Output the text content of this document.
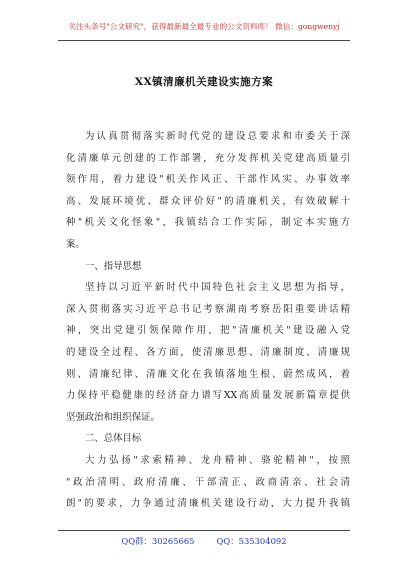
关注头条号"公文研究"，获得最新最全最专业的公文资料库！ 微信：gongwenyj
XX镇清廉机关建设实施方案
为认真贯彻落实新时代党的建设总要求和市委关于深
化清廉单元创建的工作部署，充分发挥机关党建高质量引
领作用，着力建设"机关作风正、干部作风实、办事效率
高、发展环境优、群众评价好"的清廉机关，有效破解十
种"机关文化怪象"，我镇结合工作实际，制定本实施方
案。
一、指导思想
坚持以习近平新时代中国特色社会主义思想为指导，
深入贯彻落实习近平总书记考察湖南考察岳阳重要讲话精
神，突出党建引领保障作用，把"清廉机关"建设融入党
的建设全过程、各方面，使清廉思想、清廉制度、清廉规
则、清廉纪律、清廉文化在我镇落地生根、蔚然成风，着
力保持平稳健康的经济奋力谱写XX高质量发展新篇章提供
坚强政治和组织保证。
二、总体目标
大力弘扬"求索精神、龙舟精神、骆驼精神"，按照
"政治清明、政府清廉、干部清正、政商清亲、社会清
朗"的要求，力争通过清廉机关建设行动，大力提升我镇
QQ群：30265665	QQ：535304092
